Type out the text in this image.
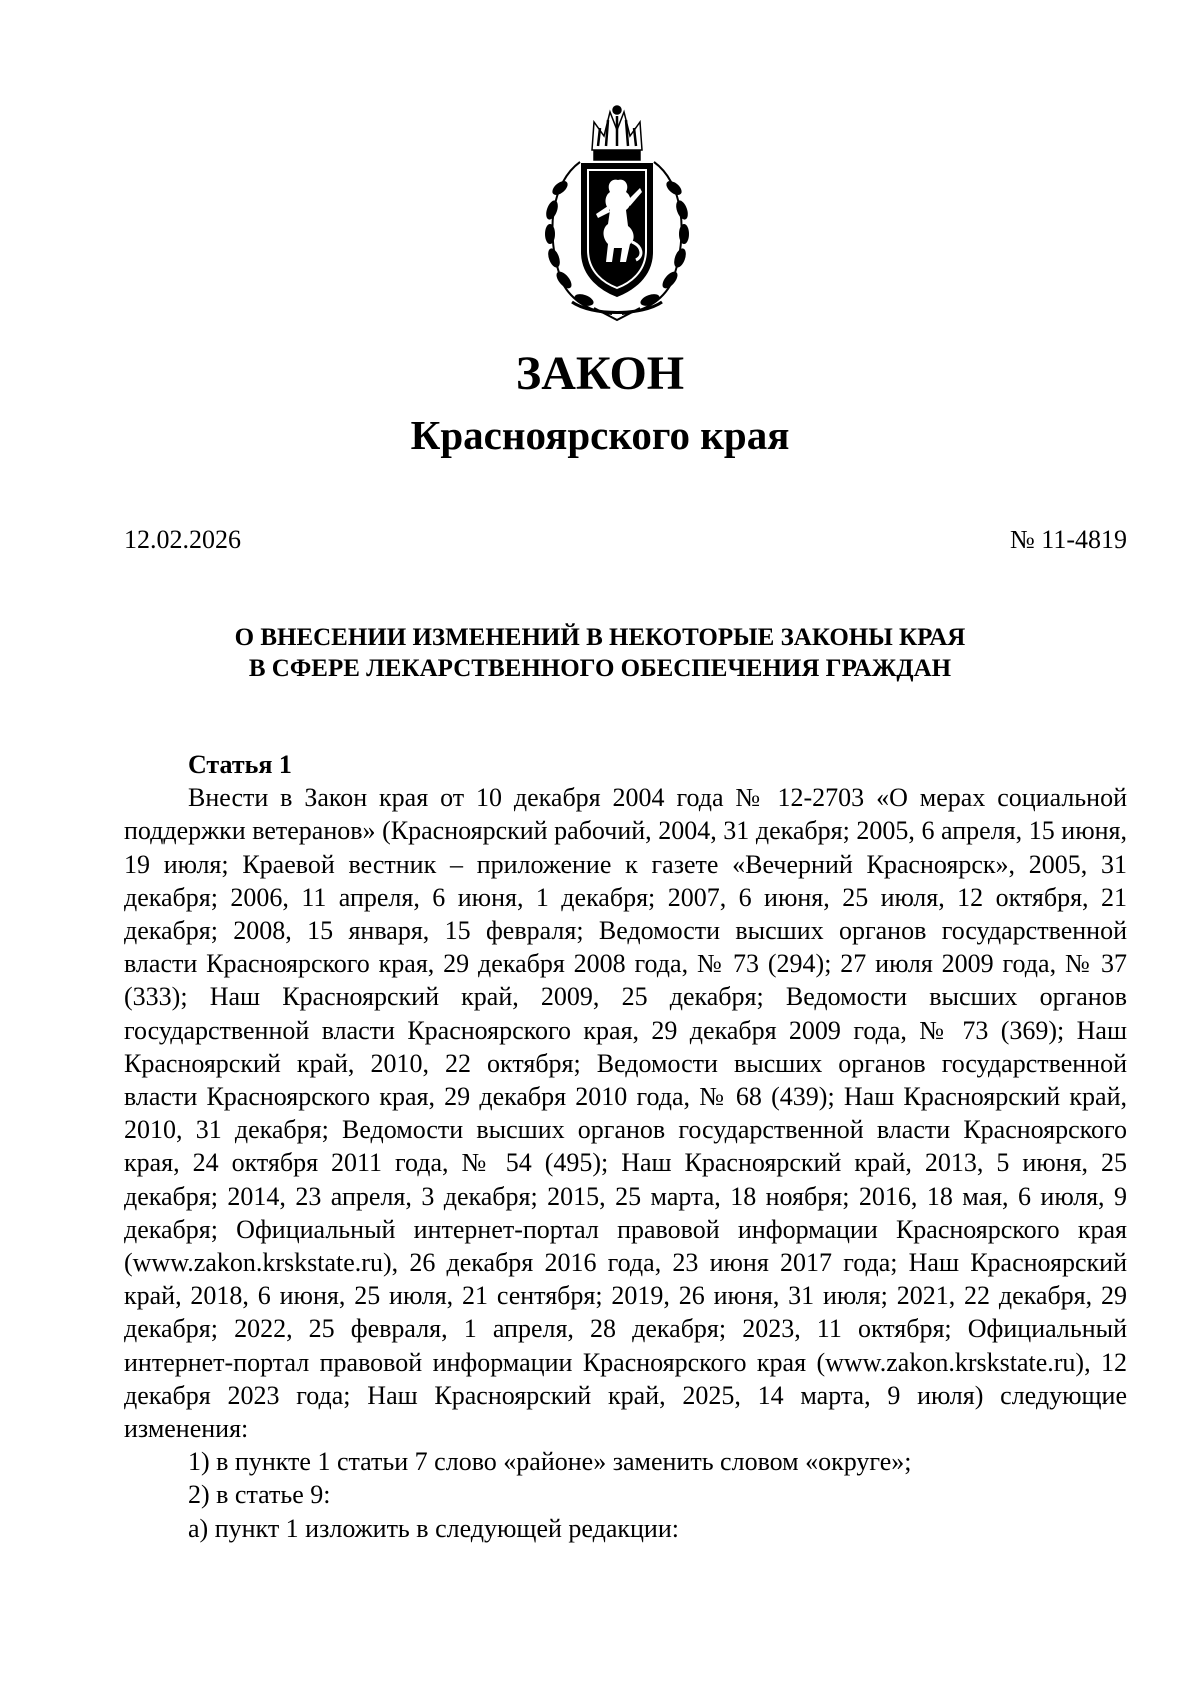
ЗАКОН
Красноярского края

12.02.2026	№ 11-4819

О ВНЕСЕНИИ ИЗМЕНЕНИЙ В НЕКОТОРЫЕ ЗАКОНЫ КРАЯ
В СФЕРЕ ЛЕКАРСТВЕННОГО ОБЕСПЕЧЕНИЯ ГРАЖДАН

Статья 1

Внести в Закон края от 10 декабря 2004 года № 12-2703 «О мерах социальной поддержки ветеранов» (Красноярский рабочий, 2004, 31 декабря; 2005, 6 апреля, 15 июня, 19 июля; Краевой вестник – приложение к газете «Вечерний Красноярск», 2005, 31 декабря; 2006, 11 апреля, 6 июня, 1 декабря; 2007, 6 июня, 25 июля, 12 октября, 21 декабря; 2008, 15 января, 15 февраля; Ведомости высших органов государственной власти Красноярского края, 29 декабря 2008 года, № 73 (294); 27 июля 2009 года, № 37 (333); Наш Красноярский край, 2009, 25 декабря; Ведомости высших органов государственной власти Красноярского края, 29 декабря 2009 года, № 73 (369); Наш Красноярский край, 2010, 22 октября; Ведомости высших органов государственной власти Красноярского края, 29 декабря 2010 года, № 68 (439); Наш Красноярский край, 2010, 31 декабря; Ведомости высших органов государственной власти Красноярского края, 24 октября 2011 года, № 54 (495); Наш Красноярский край, 2013, 5 июня, 25 декабря; 2014, 23 апреля, 3 декабря; 2015, 25 марта, 18 ноября; 2016, 18 мая, 6 июля, 9 декабря; Официальный интернет-портал правовой информации Красноярского края (www.zakon.krskstate.ru), 26 декабря 2016 года, 23 июня 2017 года; Наш Красноярский край, 2018, 6 июня, 25 июля, 21 сентября; 2019, 26 июня, 31 июля; 2021, 22 декабря, 29 декабря; 2022, 25 февраля, 1 апреля, 28 декабря; 2023, 11 октября; Официальный интернет-портал правовой информации Красноярского края (www.zakon.krskstate.ru), 12 декабря 2023 года; Наш Красноярский край, 2025, 14 марта, 9 июля) следующие изменения:

1) в пункте 1 статьи 7 слово «районе» заменить словом «округе»;

2) в статье 9:

а) пункт 1 изложить в следующей редакции:
